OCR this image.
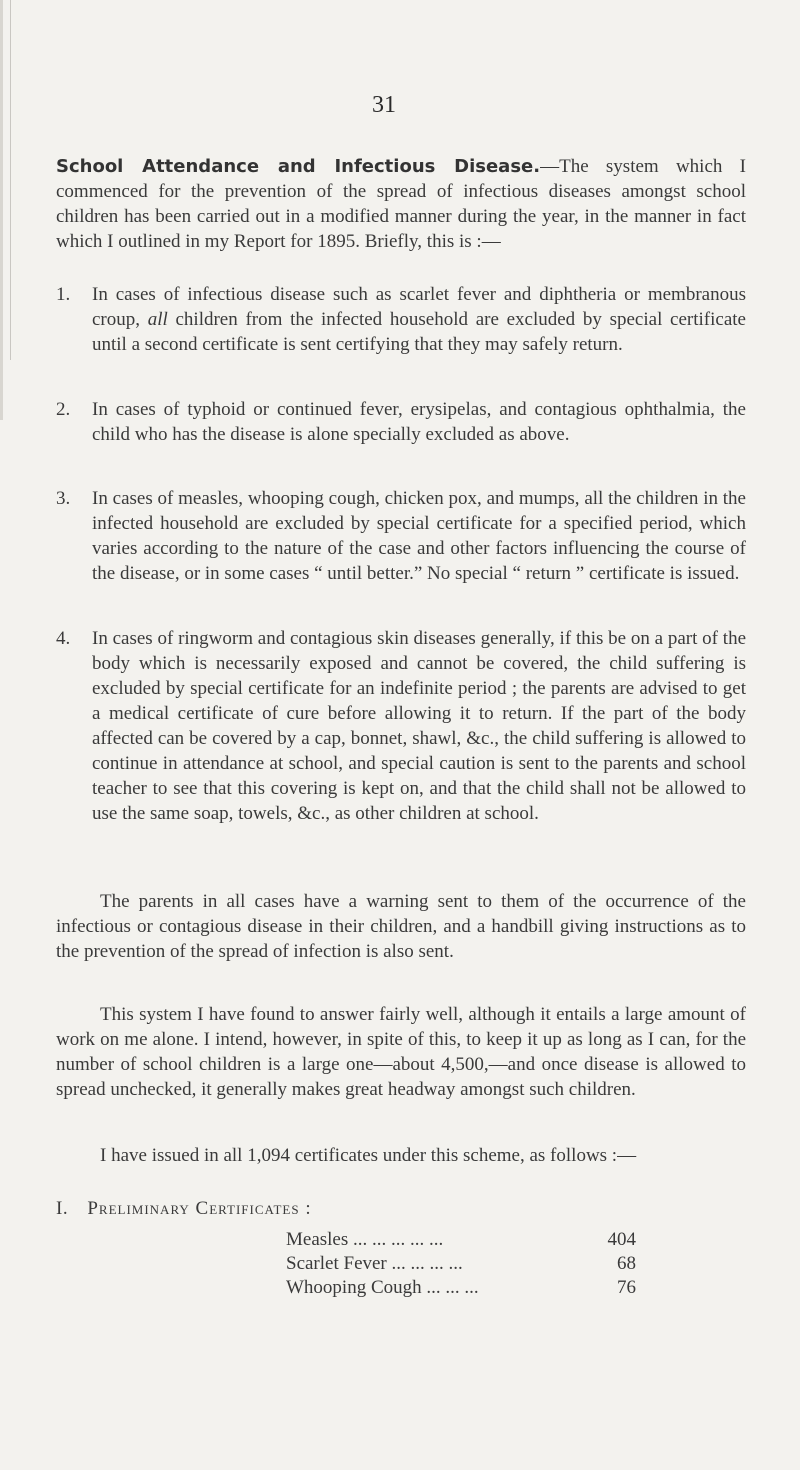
31
School Attendance and Infectious Disease.—The system which I commenced for the prevention of the spread of infectious diseases amongst school children has been carried out in a modified manner during the year, in the manner in fact which I outlined in my Report for 1895. Briefly, this is :—
1. In cases of infectious disease such as scarlet fever and diphtheria or membranous croup, all children from the infected household are excluded by special certificate until a second certificate is sent certifying that they may safely return.
2. In cases of typhoid or continued fever, erysipelas, and contagious ophthalmia, the child who has the disease is alone specially excluded as above.
3. In cases of measles, whooping cough, chicken pox, and mumps, all the children in the infected household are excluded by special certificate for a specified period, which varies according to the nature of the case and other factors influencing the course of the disease, or in some cases “ until better.” No special “ return ” certificate is issued.
4. In cases of ringworm and contagious skin diseases generally, if this be on a part of the body which is necessarily exposed and cannot be covered, the child suffering is excluded by special certificate for an indefinite period ; the parents are advised to get a medical certificate of cure before allowing it to return. If the part of the body affected can be covered by a cap, bonnet, shawl, &c., the child suffering is allowed to continue in attendance at school, and special caution is sent to the parents and school teacher to see that this covering is kept on, and that the child shall not be allowed to use the same soap, towels, &c., as other children at school.
The parents in all cases have a warning sent to them of the occurrence of the infectious or contagious disease in their children, and a handbill giving instructions as to the prevention of the spread of infection is also sent.
This system I have found to answer fairly well, although it entails a large amount of work on me alone. I intend, however, in spite of this, to keep it up as long as I can, for the number of school children is a large one—about 4,500,—and once disease is allowed to spread unchecked, it generally makes great headway amongst such children.
I have issued in all 1,094 certificates under this scheme, as follows :—
I. Preliminary Certificates :
Measles ... ... ... ... ...	404
Scarlet Fever ... ... ... ...	68
Whooping Cough ... ... ...	76
